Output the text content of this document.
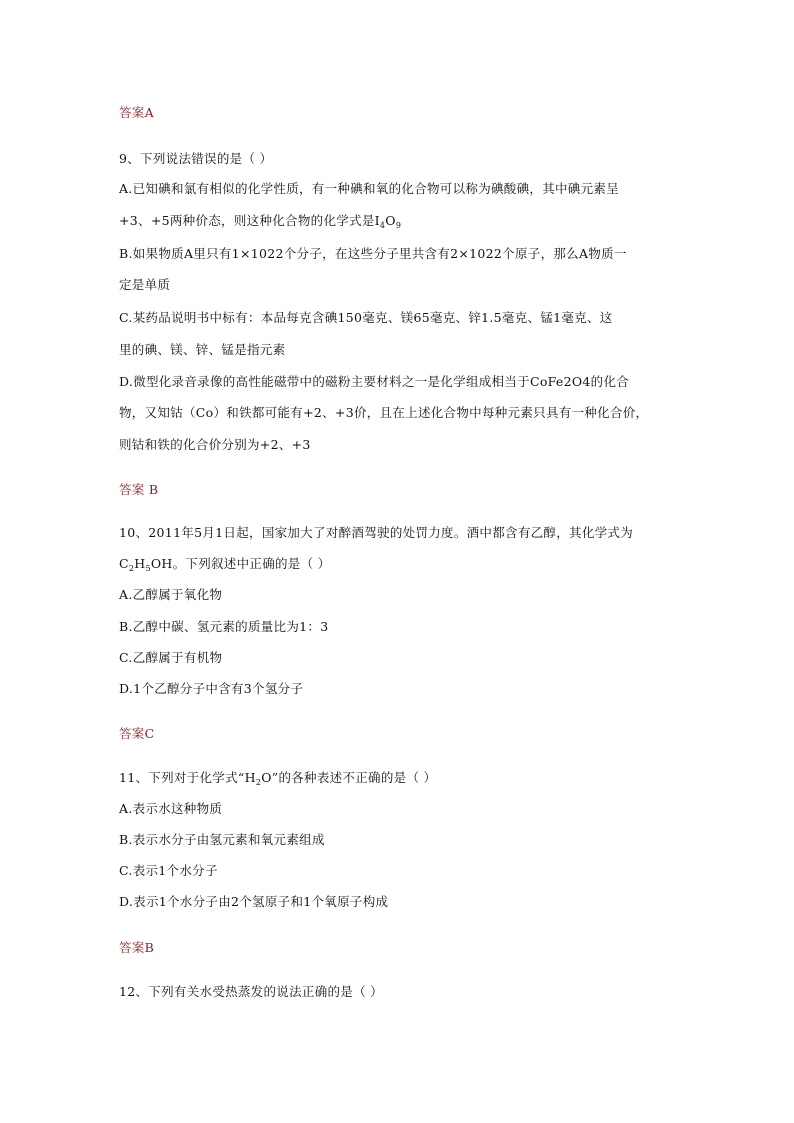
答案A
9、下列说法错误的是（ ）
A.已知碘和氯有相似的化学性质，有一种碘和氧的化合物可以称为碘酸碘，其中碘元素呈
+3、+5两种价态，则这种化合物的化学式是$I_4O_9$
B.如果物质A里只有1×1022个分子，在这些分子里共含有2×1022个原子，那么A物质一
定是单质
C.某药品说明书中标有：本品每克含碘150毫克、镁65毫克、锌1.5毫克、锰1毫克、这
里的碘、镁、锌、锰是指元素
D.微型化录音录像的高性能磁带中的磁粉主要材料之一是化学组成相当于CoFe2O4的化合
物，又知钴（Co）和铁都可能有+2、+3价，且在上述化合物中每种元素只具有一种化合价，
则钴和铁的化合价分别为+2、+3
答案 B
10、2011年5月1日起，国家加大了对醉酒驾驶的处罚力度。酒中都含有乙醇，其化学式为
$C_2H_5OH$。下列叙述中正确的是（ ）
A.乙醇属于氧化物
B.乙醇中碳、氢元素的质量比为1：3
C.乙醇属于有机物
D.1个乙醇分子中含有3个氢分子
答案C
11、下列对于化学式“$H_2O$”的各种表述不正确的是（ ）
A.表示水这种物质
B.表示水分子由氢元素和氧元素组成
C.表示1个水分子
D.表示1个水分子由2个氢原子和1个氧原子构成
答案B
12、下列有关水受热蒸发的说法正确的是（ ）
